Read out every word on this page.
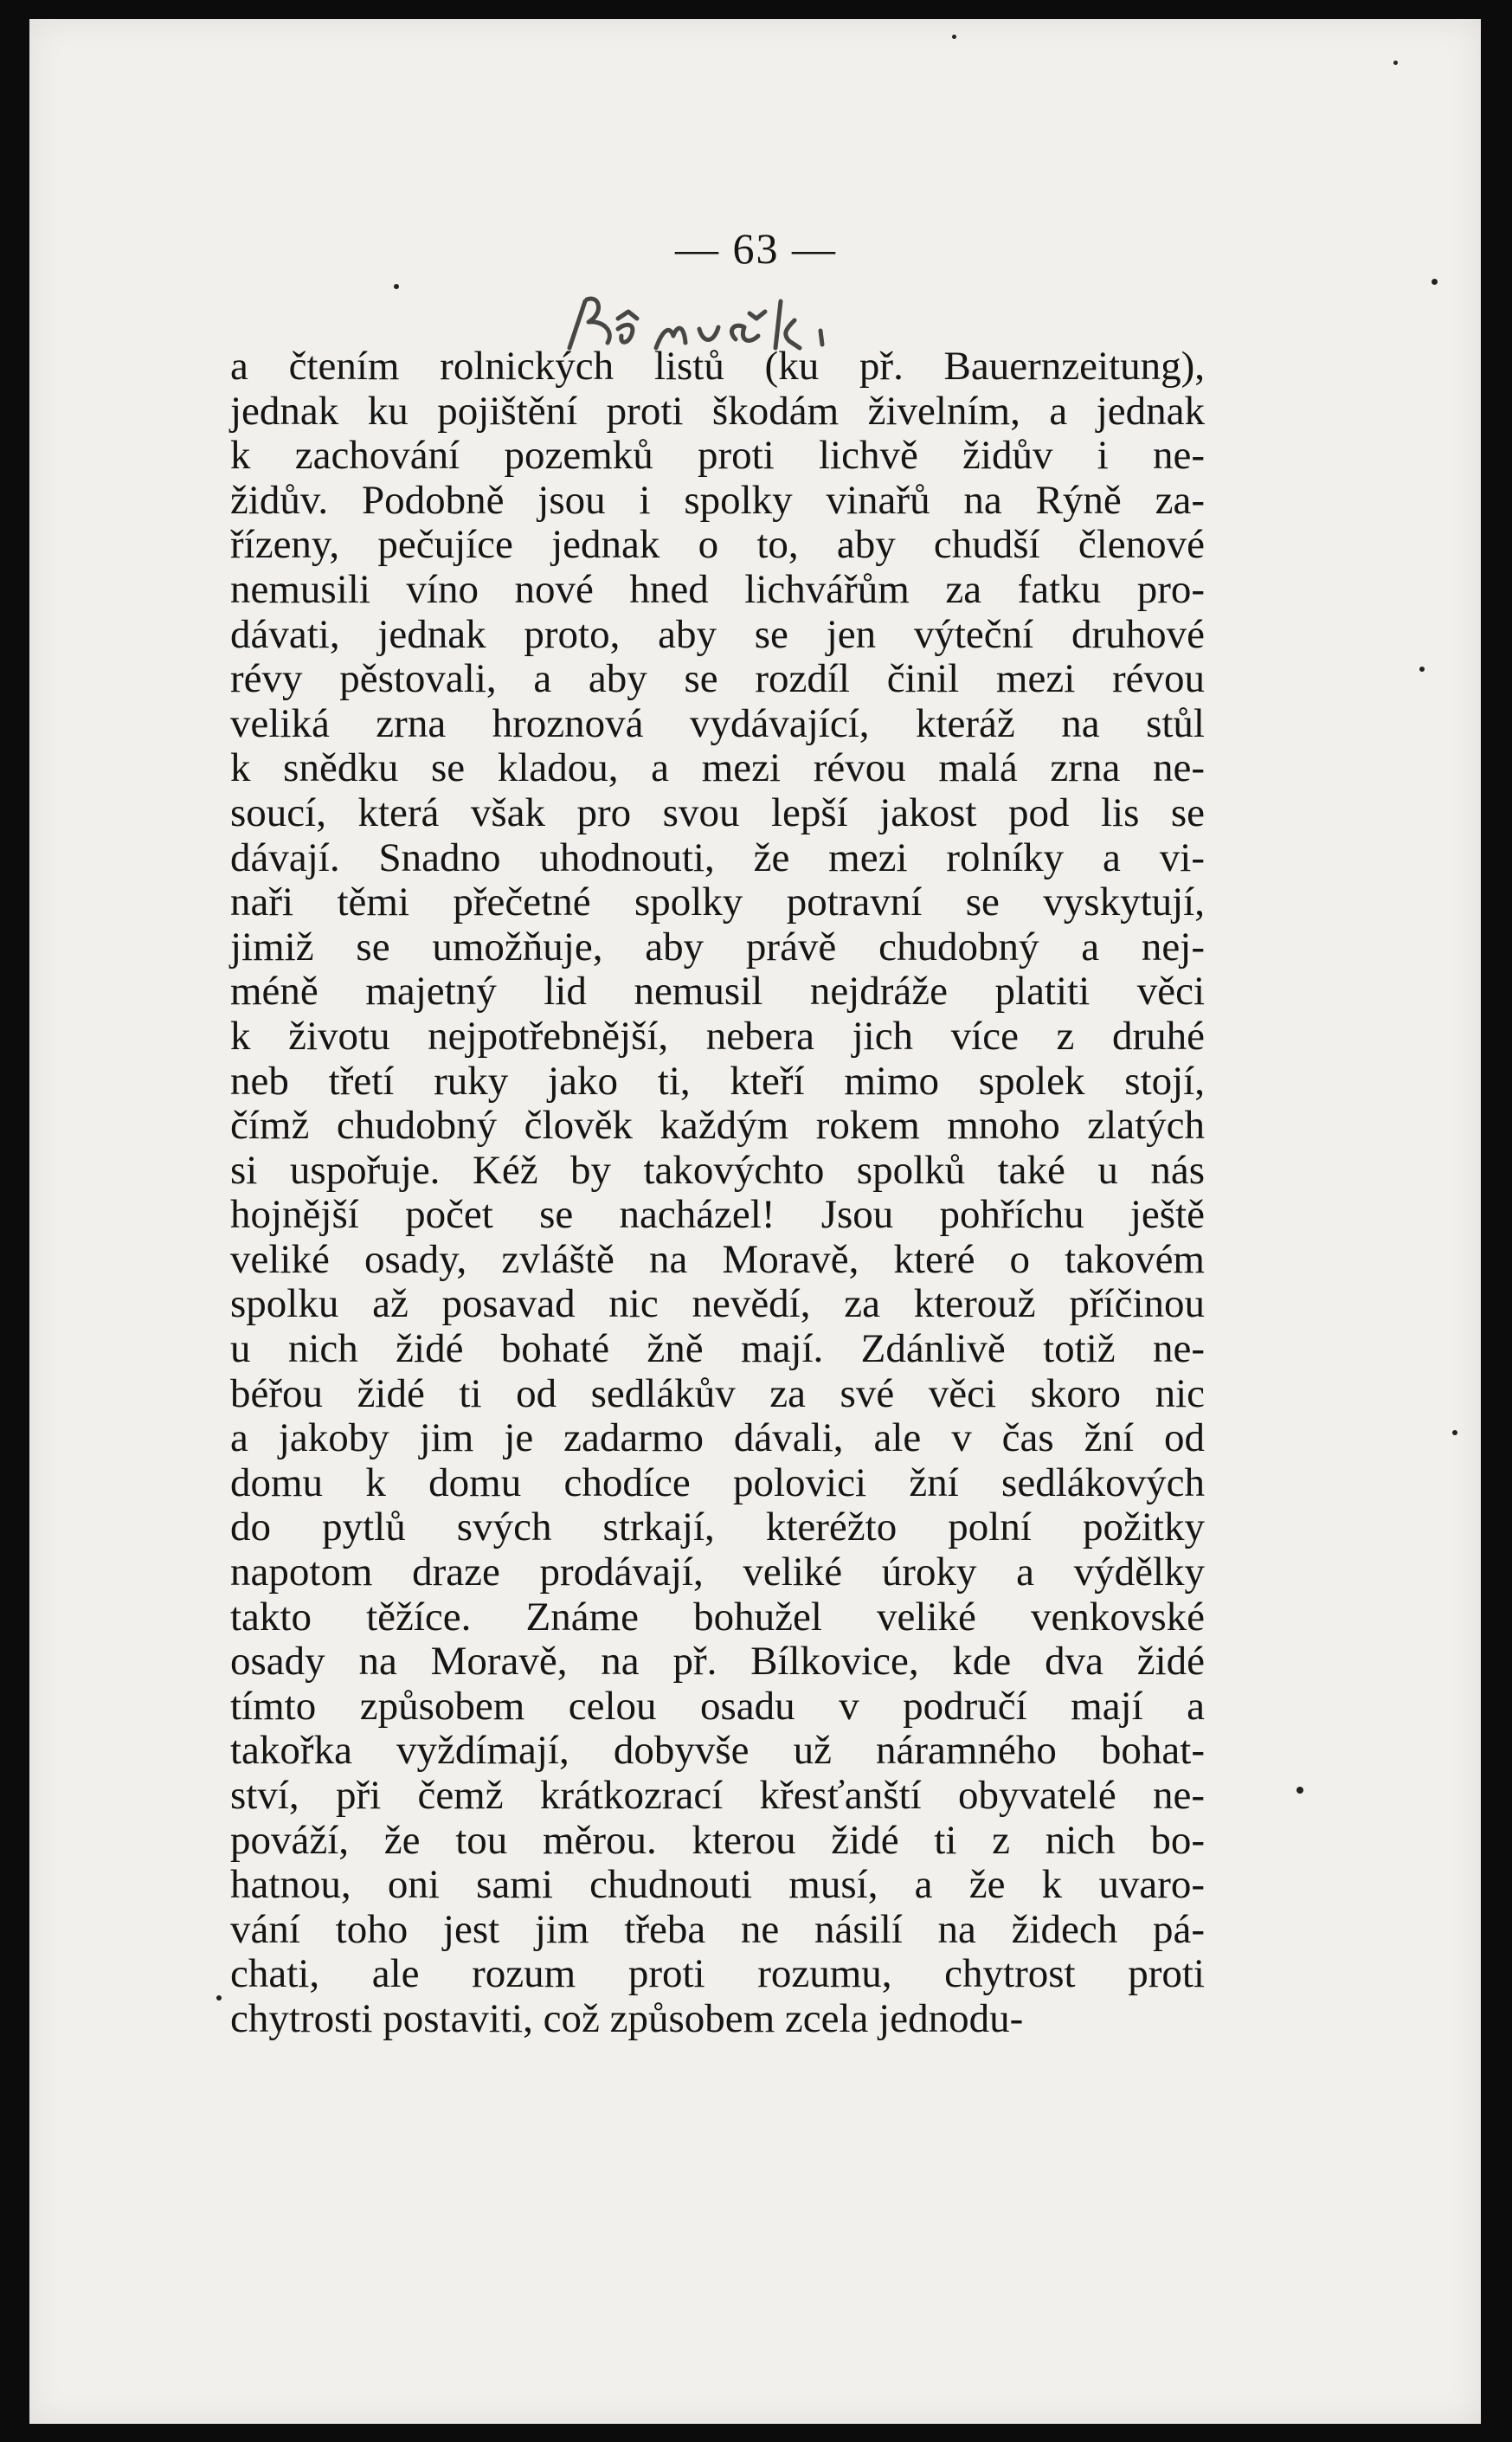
— 63 —
a čtením rolnických listů (ku př. Bauernzeitung),
jednak ku pojištění proti škodám živelním, a jednak
k zachování pozemků proti lichvě židův i ne-
židův. Podobně jsou i spolky vinařů na Rýně za-
řízeny, pečujíce jednak o to, aby chudší členové
nemusili víno nové hned lichvářům za fatku pro-
dávati, jednak proto, aby se jen výteční druhové
révy pěstovali, a aby se rozdíl činil mezi révou
veliká zrna hroznová vydávající, kteráž na stůl
k snědku se kladou, a mezi révou malá zrna ne-
soucí, která však pro svou lepší jakost pod lis se
dávají. Snadno uhodnouti, že mezi rolníky a vi-
naři těmi přečetné spolky potravní se vyskytují,
jimiž se umožňuje, aby právě chudobný a nej-
méně majetný lid nemusil nejdráže platiti věci
k životu nejpotřebnější, nebera jich více z druhé
neb třetí ruky jako ti, kteří mimo spolek stojí,
čímž chudobný člověk každým rokem mnoho zlatých
si uspořuje. Kéž by takovýchto spolků také u nás
hojnější počet se nacházel! Jsou pohříchu ještě
veliké osady, zvláště na Moravě, které o takovém
spolku až posavad nic nevědí, za kterouž příčinou
u nich židé bohaté žně mají. Zdánlivě totiž ne-
béřou židé ti od sedlákův za své věci skoro nic
a jakoby jim je zadarmo dávali, ale v čas žní od
domu k domu chodíce polovici žní sedlákových
do pytlů svých strkají, kteréžto polní požitky
napotom draze prodávají, veliké úroky a výdělky
takto těžíce. Známe bohužel veliké venkovské
osady na Moravě, na př. Bílkovice, kde dva židé
tímto způsobem celou osadu v područí mají a
takořka vyždímají, dobyvše už náramného bohat-
ství, při čemž krátkozrací křesťanští obyvatelé ne-
pováží, že tou měrou. kterou židé ti z nich bo-
hatnou, oni sami chudnouti musí, a že k uvaro-
vání toho jest jim třeba ne násilí na židech pá-
chati, ale rozum proti rozumu, chytrost proti
chytrosti postaviti, což způsobem zcela jednodu-
